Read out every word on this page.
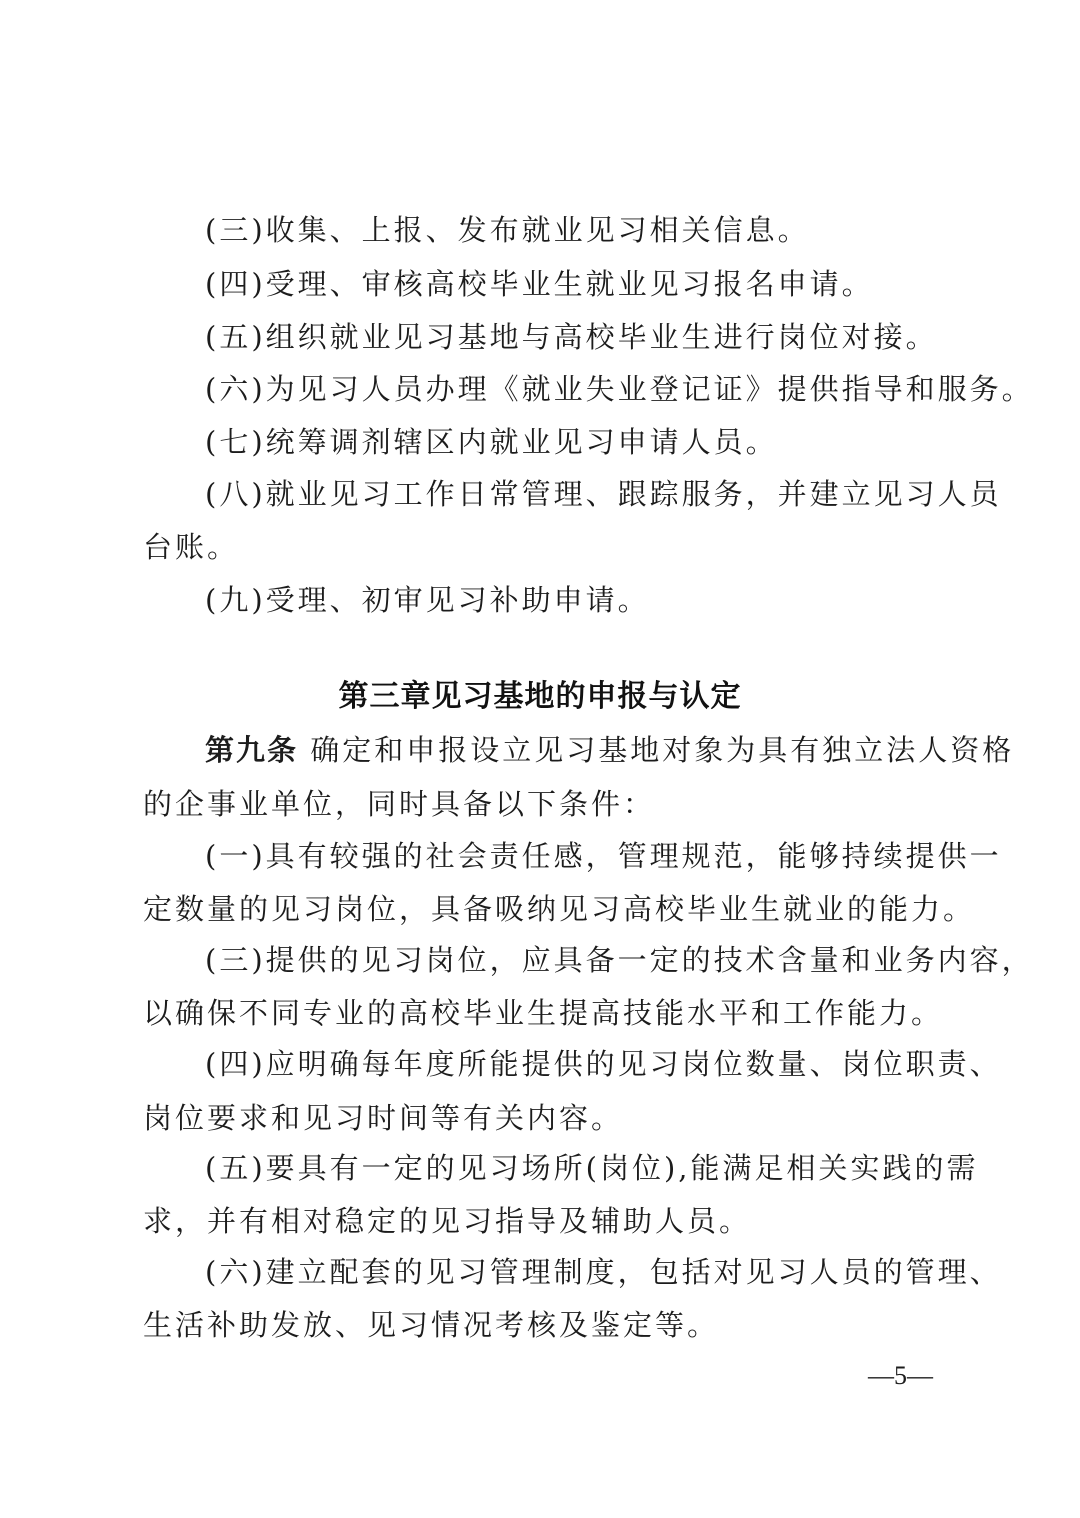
(三)收集、上报、发布就业见习相关信息。
(四)受理、审核高校毕业生就业见习报名申请。
(五)组织就业见习基地与高校毕业生进行岗位对接。
(六)为见习人员办理《就业失业登记证》提供指导和服务。
(七)统筹调剂辖区内就业见习申请人员。
(八)就业见习工作日常管理、跟踪服务，并建立见习人员
台账。
(九)受理、初审见习补助申请。
第三章见习基地的申报与认定
第九条 确定和申报设立见习基地对象为具有独立法人资格
的企事业单位，同时具备以下条件：
(一)具有较强的社会责任感，管理规范，能够持续提供一
定数量的见习岗位，具备吸纳见习高校毕业生就业的能力。
(三)提供的见习岗位，应具备一定的技术含量和业务内容，
以确保不同专业的高校毕业生提高技能水平和工作能力。
(四)应明确每年度所能提供的见习岗位数量、岗位职责、
岗位要求和见习时间等有关内容。
(五)要具有一定的见习场所(岗位),能满足相关实践的需
求，并有相对稳定的见习指导及辅助人员。
(六)建立配套的见习管理制度，包括对见习人员的管理、
生活补助发放、见习情况考核及鉴定等。
—5—
